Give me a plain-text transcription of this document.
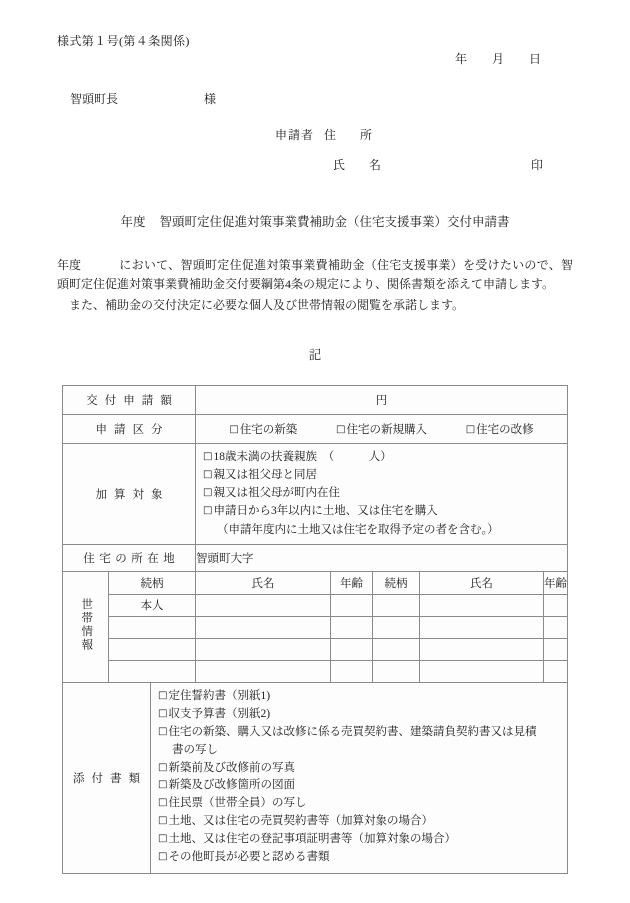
様式第１号(第４条関係)
年 月 日
智頭町長	様
申請者 住　所
氏　名	印
年度 智頭町定住促進対策事業費補助金（住宅支援事業）交付申請書

年度	において、智頭町定住促進対策事業費補助金（住宅支援事業）を受けたいので、智頭町定住促進対策事業費補助金交付要綱第4条の規定により、関係書類を添えて申請します。

また、補助金の交付決定に必要な個人及び世帯情報の閲覧を承諾します。

記
交付申請額			円				
申請区分			□住宅の新築 □住宅の新規購入 □住宅の改修				

加算対象			□18歳未満の扶養親族　（　　　人）
□親又は祖父母と同居
□親又は祖父母が町内在住
□申請日から3年以内に土地、又は住宅を購入
（申請年度内に土地又は住宅を取得予定の者を含む。）				

住宅の所在地			智頭町大字				
世帯情報	続柄		氏名	年齢	続柄	氏名	年齢
	本人						

添付書類	
□定住誓約書（別紙1)
□収支予算書（別紙2)
□住宅の新築、購入又は改修に係る売買契約書、建築請負契約書又は見積
書の写し
□新築前及び改修前の写真
□新築及び改修箇所の図面
□住民票（世帯全員）の写し
□土地、又は住宅の売買契約書等（加算対象の場合）
□土地、又は住宅の登記事項証明書等（加算対象の場合）
□その他町長が必要と認める書類
